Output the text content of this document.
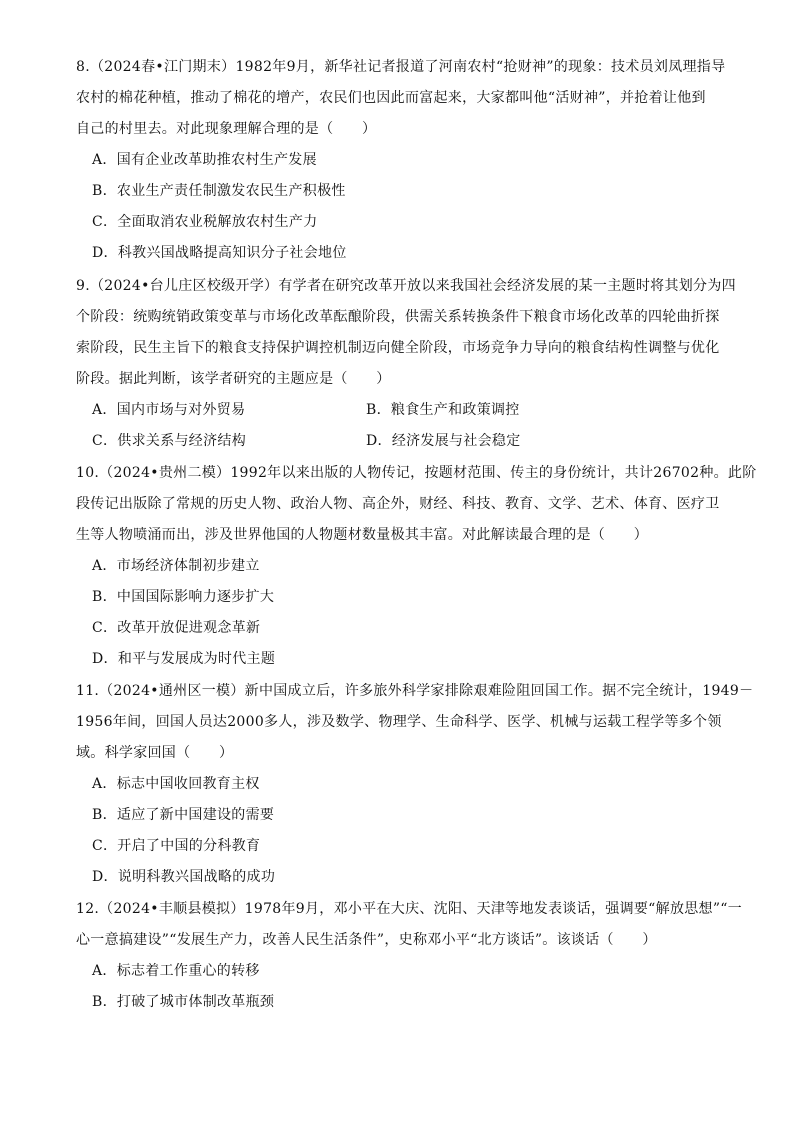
8.（2024春•江门期末）1982年9月，新华社记者报道了河南农村“抢财神”的现象：技术员刘凤理指导
农村的棉花种植，推动了棉花的增产，农民们也因此而富起来，大家都叫他“活财神”，并抢着让他到
自己的村里去。对此现象理解合理的是（　　）
A．国有企业改革助推农村生产发展
B．农业生产责任制激发农民生产积极性
C．全面取消农业税解放农村生产力
D．科教兴国战略提高知识分子社会地位
9.（2024•台儿庄区校级开学）有学者在研究改革开放以来我国社会经济发展的某一主题时将其划分为四
个阶段：统购统销政策变革与市场化改革酝酿阶段，供需关系转换条件下粮食市场化改革的四轮曲折探
索阶段，民生主旨下的粮食支持保护调控机制迈向健全阶段，市场竞争力导向的粮食结构性调整与优化
阶段。据此判断，该学者研究的主题应是（　　）
A．国内市场与对外贸易	B．粮食生产和政策调控
C．供求关系与经济结构	D．经济发展与社会稳定
10.（2024•贵州二模）1992年以来出版的人物传记，按题材范围、传主的身份统计，共计26702种。此阶
段传记出版除了常规的历史人物、政治人物、高企外，财经、科技、教育、文学、艺术、体育、医疗卫
生等人物喷涌而出，涉及世界他国的人物题材数量极其丰富。对此解读最合理的是（　　）
A．市场经济体制初步建立
B．中国国际影响力逐步扩大
C．改革开放促进观念革新
D．和平与发展成为时代主题
11.（2024•通州区一模）新中国成立后，许多旅外科学家排除艰难险阻回国工作。据不完全统计，1949－
1956年间，回国人员达2000多人，涉及数学、物理学、生命科学、医学、机械与运载工程学等多个领
域。科学家回国（　　）
A．标志中国收回教育主权
B．适应了新中国建设的需要
C．开启了中国的分科教育
D．说明科教兴国战略的成功
12.（2024•丰顺县模拟）1978年9月，邓小平在大庆、沈阳、天津等地发表谈话，强调要“解放思想”“一
心一意搞建设”“发展生产力，改善人民生活条件”，史称邓小平“北方谈话”。该谈话（　　）
A．标志着工作重心的转移
B．打破了城市体制改革瓶颈
